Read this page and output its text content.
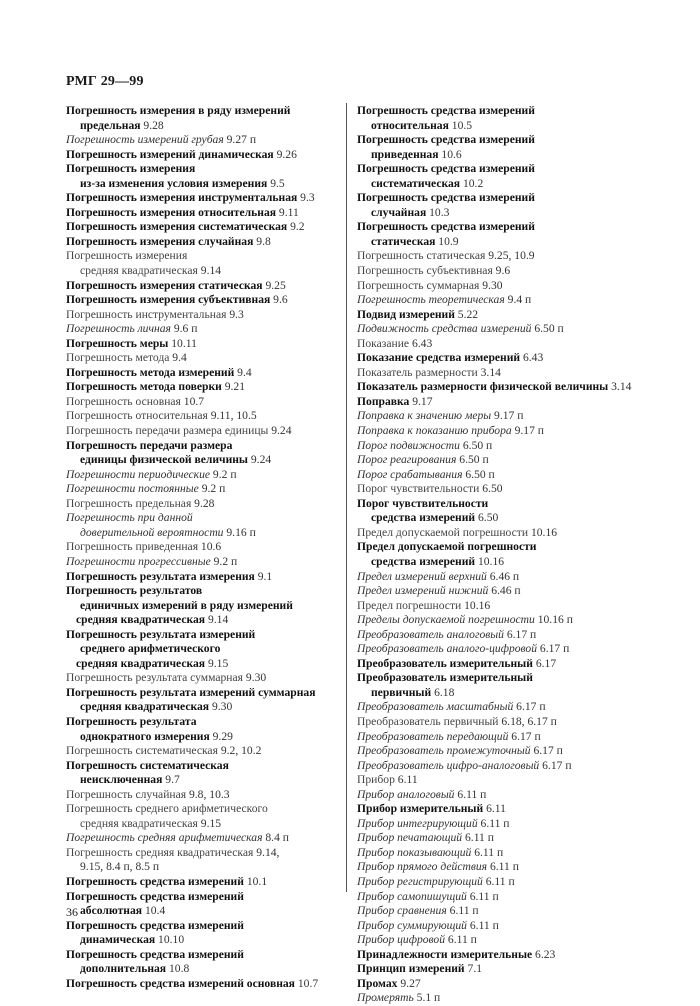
РМГ 29—99
Погрешность измерения в ряду измерений
предельная 9.28
Погрешность измерений грубая 9.27 п
Погрешность измерений динамическая 9.26
Погрешность измерения
из-за изменения условия измерения 9.5
Погрешность измерения инструментальная 9.3
Погрешность измерения относительная 9.11
Погрешность измерения систематическая 9.2
Погрешность измерения случайная 9.8
Погрешность измерения
средняя квадратическая 9.14
Погрешность измерения статическая 9.25
Погрешность измерения субъективная 9.6
Погрешность инструментальная 9.3
Погрешность личная 9.6 п
Погрешность меры 10.11
Погрешность метода 9.4
Погрешность метода измерений 9.4
Погрешность метода поверки 9.21
Погрешность основная 10.7
Погрешность относительная 9.11, 10.5
Погрешность передачи размера единицы 9.24
Погрешность передачи размера
единицы физической величины 9.24
Погрешности периодические 9.2 п
Погрешности постоянные 9.2 п
Погрешность предельная 9.28
Погрешность при данной
доверительной вероятности 9.16 п
Погрешность приведенная 10.6
Погрешности прогрессивные 9.2 п
Погрешность результата измерения 9.1
Погрешность результатов
единичных измерений в ряду измерений
средняя квадратическая 9.14
Погрешность результата измерений
среднего арифметического
средняя квадратическая 9.15
Погрешность результата суммарная 9.30
Погрешность результата измерений суммарная
средняя квадратическая 9.30
Погрешность результата
однократного измерения 9.29
Погрешность систематическая 9.2, 10.2
Погрешность систематическая
неисключенная 9.7
Погрешность случайная 9.8, 10.3
Погрешность среднего арифметического
средняя квадратическая 9.15
Погрешность средняя арифметическая 8.4 п
Погрешность средняя квадратическая 9.14,
9.15, 8.4 п, 8.5 п
Погрешность средства измерений 10.1
Погрешность средства измерений
абсолютная 10.4
Погрешность средства измерений
динамическая 10.10
Погрешность средства измерений
дополнительная 10.8
Погрешность средства измерений основная 10.7
Погрешность средства измерений
относительная 10.5
Погрешность средства измерений
приведенная 10.6
Погрешность средства измерений
систематическая 10.2
Погрешность средства измерений
случайная 10.3
Погрешность средства измерений
статическая 10.9
Погрешность статическая 9.25, 10.9
Погрешность субъективная 9.6
Погрешность суммарная 9.30
Погрешность теоретическая 9.4 п
Подвид измерений 5.22
Подвижность средства измерений 6.50 п
Показание 6.43
Показание средства измерений 6.43
Показатель размерности 3.14
Показатель размерности физической величины 3.14
Поправка 9.17
Поправка к значению меры 9.17 п
Поправка к показанию прибора 9.17 п
Порог подвижности 6.50 п
Порог реагирования 6.50 п
Порог срабатывания 6.50 п
Порог чувствительности 6.50
Порог чувствительности
средства измерений 6.50
Предел допускаемой погрешности 10.16
Предел допускаемой погрешности
средства измерений 10.16
Предел измерений верхний 6.46 п
Предел измерений нижний 6.46 п
Предел погрешности 10.16
Пределы допускаемой погрешности 10.16 п
Преобразователь аналоговый 6.17 п
Преобразователь аналого-цифровой 6.17 п
Преобразователь измерительный 6.17
Преобразователь измерительный
первичный 6.18
Преобразователь масштабный 6.17 п
Преобразователь первичный 6.18, 6.17 п
Преобразователь передающий 6.17 п
Преобразователь промежуточный 6.17 п
Преобразователь цифро-аналоговый 6.17 п
Прибор 6.11
Прибор аналоговый 6.11 п
Прибор измерительный 6.11
Прибор интегрирующий 6.11 п
Прибор печатающий 6.11 п
Прибор показывающий 6.11 п
Прибор прямого действия 6.11 п
Прибор регистрирующий 6.11 п
Прибор самопишущий 6.11 п
Прибор сравнения 6.11 п
Прибор суммирующий 6.11 п
Прибор цифровой 6.11 п
Принадлежности измерительные 6.23
Принцип измерений 7.1
Промах 9.27
Промерять 5.1 п
36
